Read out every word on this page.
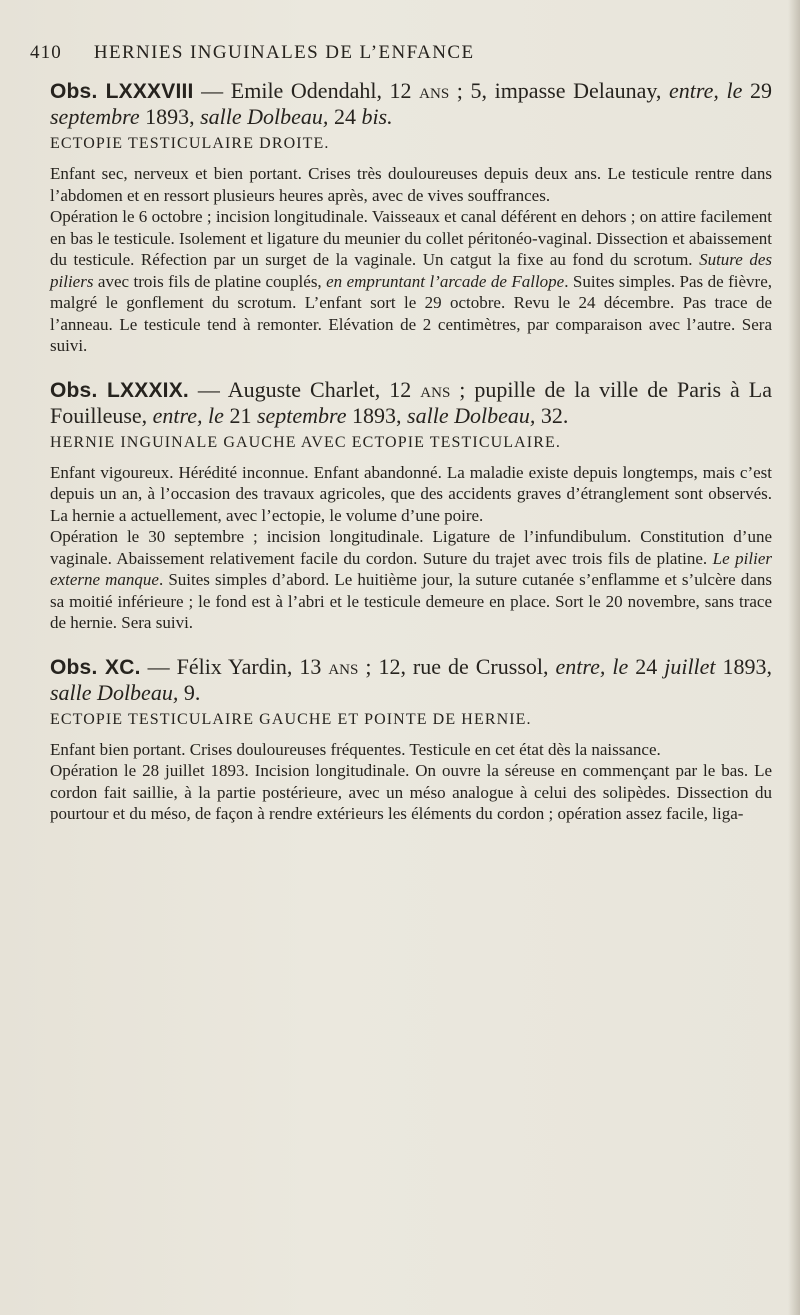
410 HERNIES INGUINALES DE L’ENFANCE
Obs. LXXXVIII — Emile Odendahl, 12 ans ; 5, impasse Delaunay, entre, le 29 septembre 1893, salle Dolbeau, 24 bis.
ECTOPIE TESTICULAIRE DROITE.

Enfant sec, nerveux et bien portant. Crises très douloureuses depuis deux ans. Le testicule rentre dans l’abdomen et en ressort plusieurs heures après, avec de vives souffrances.

Opération le 6 octobre ; incision longitudinale. Vaisseaux et canal déférent en dehors ; on attire facilement en bas le testicule. Isolement et ligature du meunier du collet péritonéo-vaginal. Dissection et abaissement du testicule. Réfection par un surget de la vaginale. Un catgut la fixe au fond du scrotum. Suture des piliers avec trois fils de platine couplés, en empruntant l’arcade de Fallope. Suites simples. Pas de fièvre, malgré le gonflement du scrotum. L’enfant sort le 29 octobre. Revu le 24 décembre. Pas trace de l’anneau. Le testicule tend à remonter. Elévation de 2 centimètres, par comparaison avec l’autre. Sera suivi.

Obs. LXXXIX. — Auguste Charlet, 12 ans ; pupille de la ville de Paris à La Fouilleuse, entre, le 21 septembre 1893, salle Dolbeau, 32.
HERNIE INGUINALE GAUCHE AVEC ECTOPIE TESTICULAIRE.

Enfant vigoureux. Hérédité inconnue. Enfant abandonné. La maladie existe depuis longtemps, mais c’est depuis un an, à l’occasion des travaux agricoles, que des accidents graves d’étranglement sont observés. La hernie a actuellement, avec l’ectopie, le volume d’une poire.

Opération le 30 septembre ; incision longitudinale. Ligature de l’infundibulum. Constitution d’une vaginale. Abaissement relativement facile du cordon. Suture du trajet avec trois fils de platine. Le pilier externe manque. Suites simples d’abord. Le huitième jour, la suture cutanée s’enflamme et s’ulcère dans sa moitié inférieure ; le fond est à l’abri et le testicule demeure en place. Sort le 20 novembre, sans trace de hernie. Sera suivi.

Obs. XC. — Félix Yardin, 13 ans ; 12, rue de Crussol, entre, le 24 juillet 1893, salle Dolbeau, 9.
ECTOPIE TESTICULAIRE GAUCHE ET POINTE DE HERNIE.

Enfant bien portant. Crises douloureuses fréquentes. Testicule en cet état dès la naissance.

Opération le 28 juillet 1893. Incision longitudinale. On ouvre la séreuse en commençant par le bas. Le cordon fait saillie, à la partie postérieure, avec un méso analogue à celui des solipèdes. Dissection du pourtour et du méso, de façon à rendre extérieurs les éléments du cordon ; opération assez facile, liga-
